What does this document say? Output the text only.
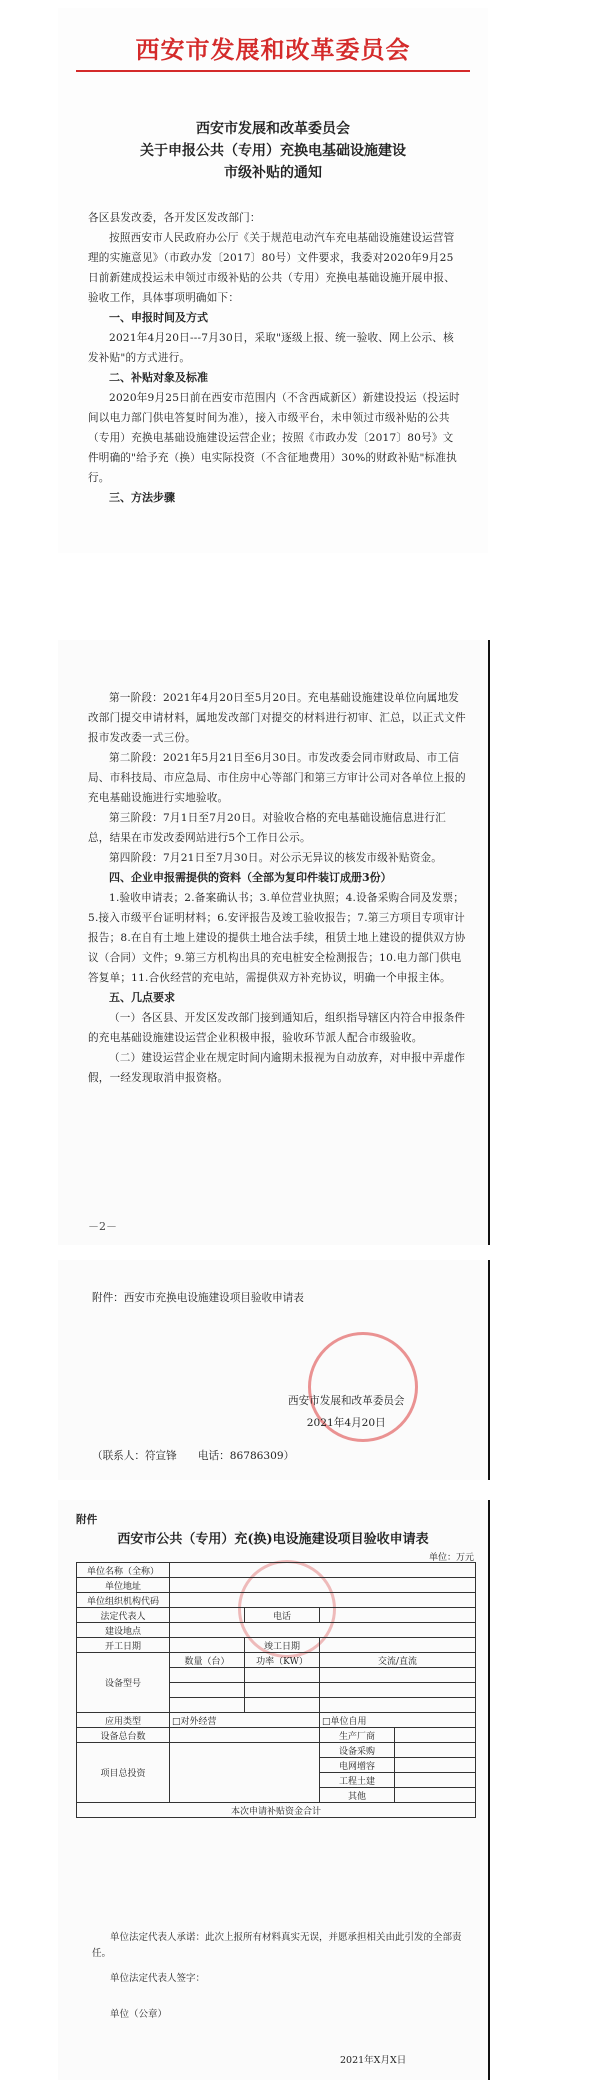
西安市发展和改革委员会
西安市发展和改革委员会
关于申报公共（专用）充换电基础设施建设
市级补贴的通知

各区县发改委，各开发区发改部门：

按照西安市人民政府办公厅《关于规范电动汽车充电基础设施建设运营管理的实施意见》（市政办发〔2017〕80号）文件要求，我委对2020年9月25日前新建成投运未申领过市级补贴的公共（专用）充换电基础设施开展申报、验收工作，具体事项明确如下：

一、申报时间及方式

2021年4月20日---7月30日，采取"逐级上报、统一验收、网上公示、核发补贴"的方式进行。

二、补贴对象及标准

2020年9月25日前在西安市范围内（不含西咸新区）新建设投运（投运时间以电力部门供电答复时间为准），接入市级平台，未申领过市级补贴的公共（专用）充换电基础设施建设运营企业；按照《市政办发〔2017〕80号》文件明确的"给予充（换）电实际投资（不含征地费用）30%的财政补贴"标准执行。

三、方法步骤

第一阶段：2021年4月20日至5月20日。充电基础设施建设单位向属地发改部门提交申请材料，属地发改部门对提交的材料进行初审、汇总，以正式文件报市发改委一式三份。

第二阶段：2021年5月21日至6月30日。市发改委会同市财政局、市工信局、市科技局、市应急局、市住房中心等部门和第三方审计公司对各单位上报的充电基础设施进行实地验收。

第三阶段：7月1日至7月20日。对验收合格的充电基础设施信息进行汇总，结果在市发改委网站进行5个工作日公示。

第四阶段：7月21日至7月30日。对公示无异议的核发市级补贴资金。

四、企业申报需提供的资料（全部为复印件装订成册3份）

1.验收申请表；2.备案确认书；3.单位营业执照；4.设备采购合同及发票；5.接入市级平台证明材料；6.安评报告及竣工验收报告；7.第三方项目专项审计报告；8.在自有土地上建设的提供土地合法手续，租赁土地上建设的提供双方协议（合同）文件；9.第三方机构出具的充电桩安全检测报告；10.电力部门供电答复单；11.合伙经营的充电站，需提供双方补充协议，明确一个申报主体。

五、几点要求

（一）各区县、开发区发改部门接到通知后，组织指导辖区内符合申报条件的充电基础设施建设运营企业积极申报，验收环节派人配合市级验收。

（二）建设运营企业在规定时间内逾期未报视为自动放弃，对申报中弄虚作假，一经发现取消申报资格。

－2－
附件：西安市充换电设施建设项目验收申请表
西安市发展和改革委员会
2021年4月20日
（联系人：符宣锋　　电话：86786309）
附件
西安市公共（专用）充(换)电设施建设项目验收申请表
单位：万元
单位名称（全称）				
单位地址				
单位组织机构代码				
法定代表人		电话		
建设地点				
开工日期		竣工日期		
设备型号	数量（台）	功率（KW）	交流/直流	

应用类型	□对外经营		□单位自用	
设备总台数			生产厂商	
项目总投资			设备采购	
			电网增容	
			工程土建	
			其他	
本次申请补贴资金合计				
单位法定代表人承诺：此次上报所有材料真实无误，并愿承担相关由此引发的全部责任。
单位法定代表人签字：
单位（公章）
2021年X月X日
